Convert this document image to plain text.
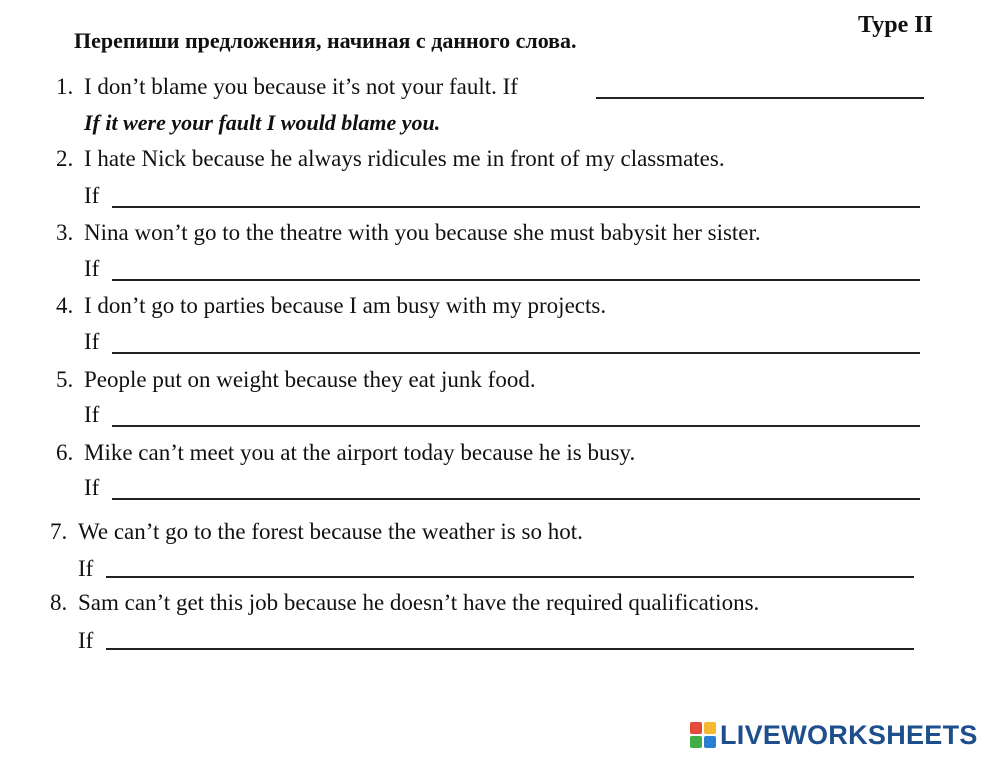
Перепиши предложения, начиная с данного слова.
Type II
1. I don’t blame you because it’s not your fault. If
If it were your fault I would blame you.
2. I hate Nick because he always ridicules me in front of my classmates.
If
3. Nina won’t go to the theatre with you because she must babysit her sister.
If
4. I don’t go to parties because I am busy with my projects.
If
5. People put on weight because they eat junk food.
If
6. Mike can’t meet you at the airport today because he is busy.
If
7. We can’t go to the forest because the weather is so hot.
If
8. Sam can’t get this job because he doesn’t have the required qualifications.
If
LIVEWORKSHEETS
